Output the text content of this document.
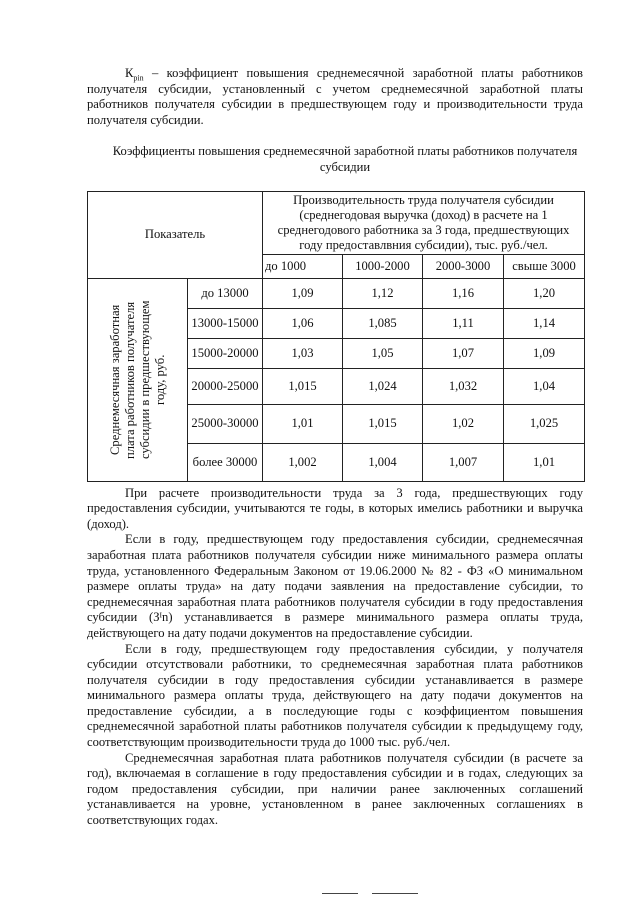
$К_{pin}$ – коэффициент повышения среднемесячной заработной платы работников получателя субсидии, установленный с учетом среднемесячной заработной платы работников получателя субсидии в предшествующем году и производительности труда получателя субсидии.

Коэффициенты повышения среднемесячной заработной платы работников получателя субсидии
Показатель		Производительность труда получателя субсидии (среднегодовая выручка (доход) в расчете на 1 среднегодового работника за 3 года, предшествующих году предоставлвния субсидии), тыс. руб./чел.			
		до 1000	1000-2000	2000-3000	свыше 3000

Среднемесячная заработная плата работников получателя субсидии в предшествующем году, руб.	до 13000	1,09	1,12	1,16	1,20
	13000-15000	1,06	1,085	1,11	1,14
	15000-20000	1,03	1,05	1,07	1,09
	20000-25000	1,015	1,024	1,032	1,04
	25000-30000	1,01	1,015	1,02	1,025
	более 30000	1,002	1,004	1,007	1,01

При расчете производительности труда за 3 года, предшествующих году предоставления субсидии, учитываются те годы, в которых имелись работники и выручка (доход).

Если в году, предшествующем году предоставления субсидии, среднемесячная заработная плата работников получателя субсидии ниже минимального размера оплаты труда, установленного Федеральным Законом от 19.06.2000 № 82 - ФЗ «О минимальном размере оплаты труда» на дату подачи заявления на предоставление субсидии, то среднемесячная заработная плата работников получателя субсидии в году предоставления субсидии (Зᴵn) устанавливается в размере минимального размера оплаты труда, действующего на дату подачи документов на предоставление субсидии.

Если в году, предшествующем году предоставления субсидии, у получателя субсидии отсутствовали работники, то среднемесячная заработная плата работников получателя субсидии в году предоставления субсидии устанавливается в размере минимального размера оплаты труда, действующего на дату подачи документов на предоставление субсидии, а в последующие годы с коэффициентом повышения среднемесячной заработной платы работников получателя субсидии к предыдущему году, соответствующим производительности труда до 1000 тыс. руб./чел.

Среднемесячная заработная плата работников получателя субсидии (в расчете за год), включаемая в соглашение в году предоставления субсидии и в годах, следующих за годом предоставления субсидии, при наличии ранее заключенных соглашений устанавливается на уровне, установленном в ранее заключенных соглашениях в соответствующих годах.
